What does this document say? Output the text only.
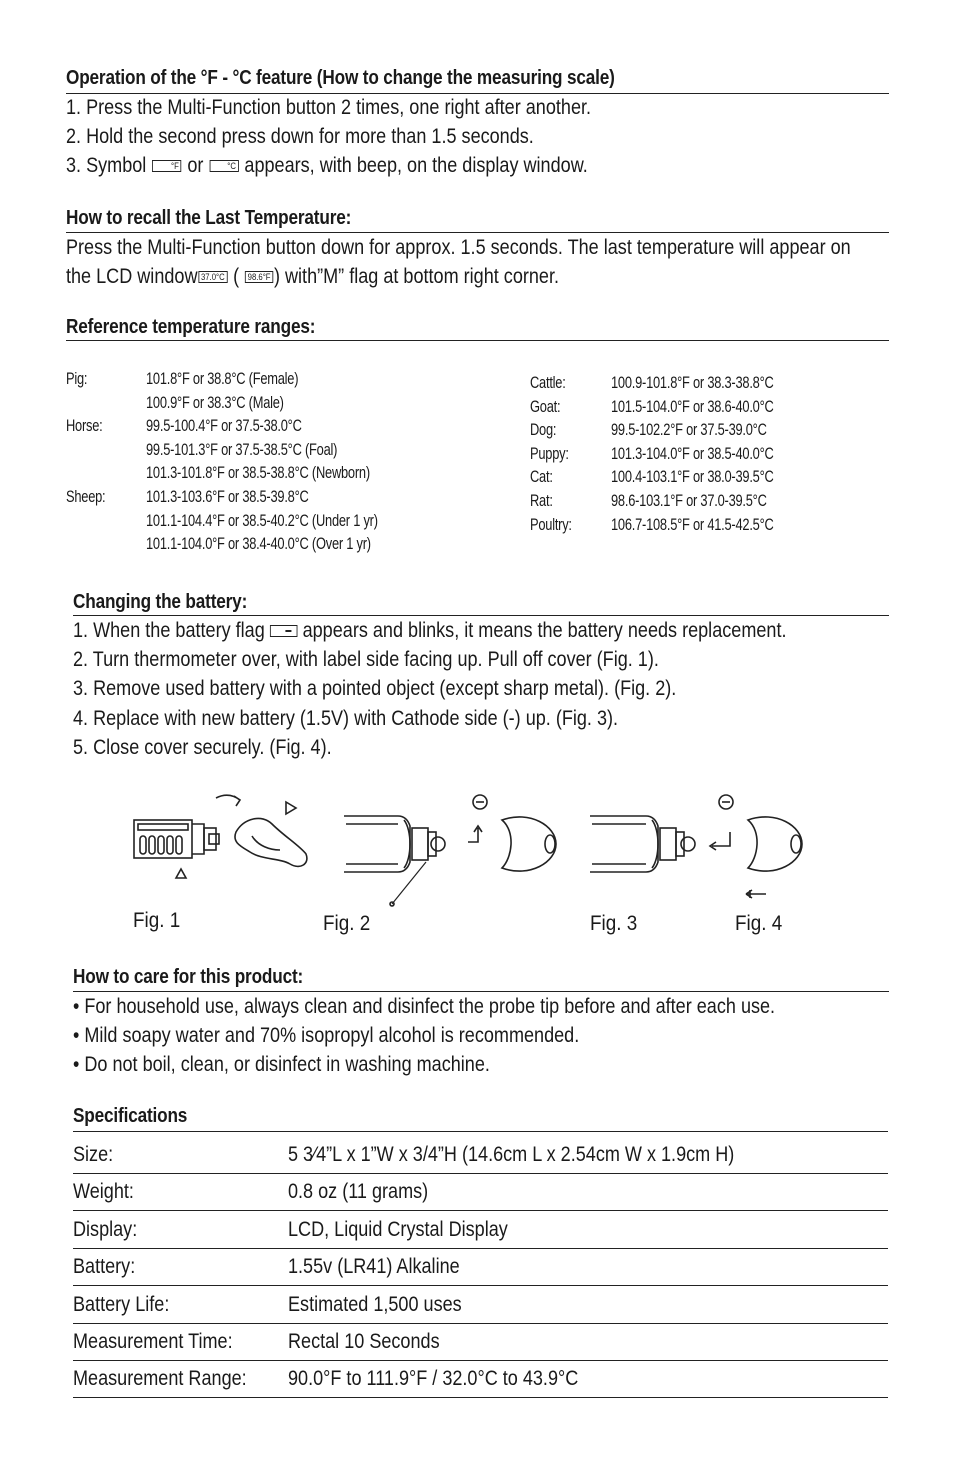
Operation of the °F - °C feature (How to change the measuring scale)
1. Press the Multi-Function button 2 times, one right after another.
2. Hold the second press down for more than 1.5 seconds.
3. Symbol	°F or	°C appears, with beep, on the display window.
How to recall the Last Temperature:
Press the Multi-Function button down for approx. 1.5 seconds. The last temperature will appear on
the LCD window 37.0°C ( 98.6°F ) with”M” flag at bottom right corner.
Reference temperature ranges:
Pig:	101.8°F or 38.8°C (Female)
100.9°F or 38.3°C (Male)
Horse:	99.5-100.4°F or 37.5-38.0°C
99.5-101.3°F or 37.5-38.5°C (Foal)
101.3-101.8°F or 38.5-38.8°C (Newborn)
Sheep: 101.3-103.6°F or 38.5-39.8°C
101.1-104.4°F or 38.5-40.2°C (Under 1 yr)
101.1-104.0°F or 38.4-40.0°C (Over 1 yr)
Cattle:	100.9-101.8°F or 38.3-38.8°C
Goat:	101.5-104.0°F or 38.6-40.0°C
Dog:	99.5-102.2°F or 37.5-39.0°C
Puppy:	101.3-104.0°F or 38.5-40.0°C
Cat:	100.4-103.1°F or 38.0-39.5°C
Rat:	98.6-103.1°F or 37.0-39.5°C
Poultry: 106.7-108.5°F or 41.5-42.5°C
Changing the battery:
1. When the battery flag appears and blinks, it means the battery needs replacement.
2. Turn thermometer over, with label side facing up. Pull off cover (Fig. 1).
3. Remove used battery with a pointed object (except sharp metal). (Fig. 2).
4. Replace with new battery (1.5V) with Cathode side (-) up. (Fig. 3).
5. Close cover securely. (Fig. 4).
Fig. 1	Fig. 2	Fig. 3	Fig. 4
How to care for this product:
• For household use, always clean and disinfect the probe tip before and after each use.
• Mild soapy water and 70% isopropyl alcohol is recommended.
• Do not boil, clean, or disinfect in washing machine.
Specifications
Size:	5 3⁄4”L x 1”W x 3/4”H (14.6cm L x 2.54cm W x 1.9cm H)
Weight:	0.8 oz (11 grams)
Display:	LCD, Liquid Crystal Display
Battery:	1.55v (LR41) Alkaline
Battery Life:	Estimated 1,500 uses
Measurement Time:	Rectal 10 Seconds
Measurement Range: 90.0°F to 111.9°F / 32.0°C to 43.9°C
